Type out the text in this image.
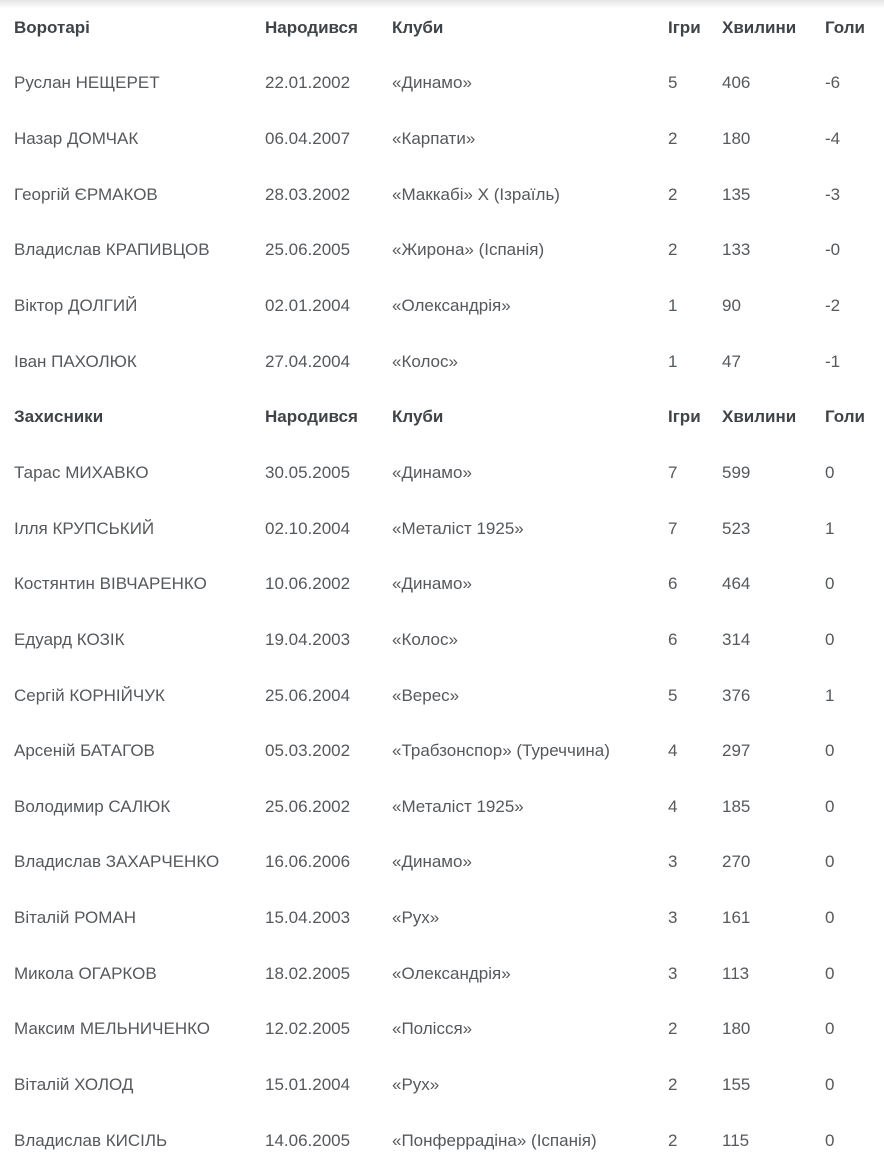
Воротарі	Народився	Клуби	Ігри	Хвилини	Голи
Руслан НЕЩЕРЕТ	22.01.2002	«Динамо»	5	406	-6
Назар ДОМЧАК	06.04.2007	«Карпати»	2	180	-4
Георгій ЄРМАКОВ	28.03.2002	«Маккабі» Х (Ізраїль)	2	135	-3
Владислав КРАПИВЦОВ	25.06.2005	«Жирона» (Іспанія)	2	133	-0
Віктор ДОЛГИЙ	02.01.2004	«Олександрія»	1	90	-2
Іван ПАХОЛЮК	27.04.2004	«Колос»	1	47	-1
Захисники	Народився	Клуби	Ігри	Хвилини	Голи
Тарас МИХАВКО	30.05.2005	«Динамо»	7	599	0
Ілля КРУПСЬКИЙ	02.10.2004	«Металіст 1925»	7	523	1
Костянтин ВІВЧАРЕНКО	10.06.2002	«Динамо»	6	464	0
Едуард КОЗІК	19.04.2003	«Колос»	6	314	0
Сергій КОРНІЙЧУК	25.06.2004	«Верес»	5	376	1
Арсеній БАТАГОВ	05.03.2002	«Трабзонспор» (Туреччина)	4	297	0
Володимир САЛЮК	25.06.2002	«Металіст 1925»	4	185	0
Владислав ЗАХАРЧЕНКО	16.06.2006	«Динамо»	3	270	0
Віталій РОМАН	15.04.2003	«Рух»	3	161	0
Микола ОГАРКОВ	18.02.2005	«Олександрія»	3	113	0
Максим МЕЛЬНИЧЕНКО	12.02.2005	«Полісся»	2	180	0
Віталій ХОЛОД	15.01.2004	«Рух»	2	155	0
Владислав КИСІЛЬ	14.06.2005	«Понферрадіна» (Іспанія)	2	115	0
